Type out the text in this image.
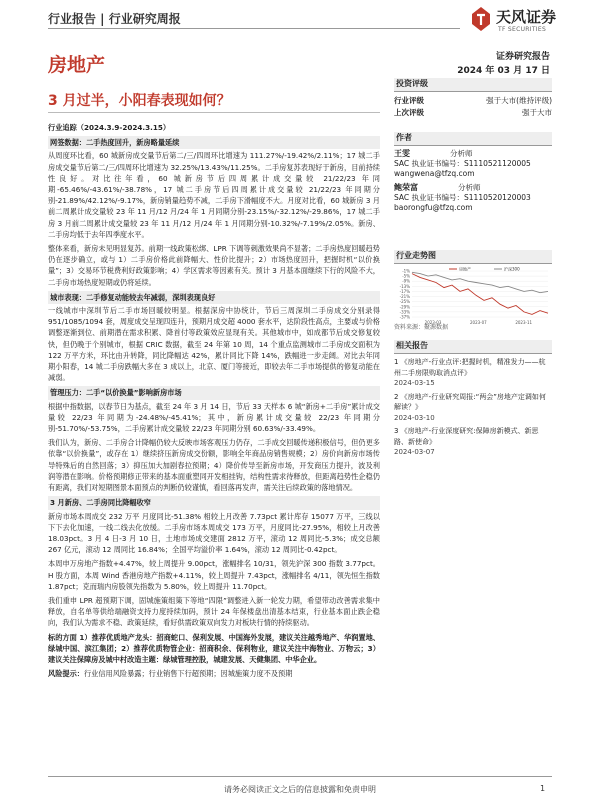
行业报告 | 行业研究周报	天风证券
TF SECURITIES
房地产	证券研究报告
2024 年 03 月 17 日
3 月过半，小阳春表现如何？

行业追踪（2024.3.9-2024.3.15）

网签数据：二手热度回升，新房略量延续

从周度环比看，60 城新房成交量节后第二/三/四周环比增速为 111.27%/-19.42%/2.11%；17 城二手房成交量节后第二/三/四周环比增速为 32.25%/13.43%/11.25%。二手房复苏表现好于新房，目前持续性良好。对比往年看，60 城新房节后四周累计成交量较 21/22/23 年同期-65.46%/-43.61%/-38.78%，17 城二手房节后四周累计成交量较 21/22/23 年同期分别-21.89%/42.12%/-9.17%，新房销量趋势不减，二手房下滑幅度不大。月度对比看，60 城新房 3 月前二周累计成交量较 23 年 11 月/12 月/24 年 1 月同期分别-23.15%/-32.12%/-29.86%，17 城二手房 3 月前二周累计成交量较 23 年 11 月/12 月/24 年 1 月同期分别-10.32%/-7.19%/2.05%。新房、二手房均低于去年四季度水平。

整体来看，新房未见明显复苏。前期一线政策松绑、LPR 下调等刺激效果尚不显著；二手房热度回暖趋势仍在逐步确立，或与 1）二手房价格此前降幅大、性价比提升；2）市场热度回升，把握时机“以价换量”；3）交易环节税费利好政策影响；4）学区需求等因素有关。预计 3 月基本面继续下行的风险不大，二手房市场热度短期或仍将延续。

城市表现：二手修复动能较去年减弱，深圳表现良好

一线城市中深圳节后二手市场回暖较明显。根据深房中协统计，节后三周深圳二手房成交分别录得 951/1085/1094 套，周度成交呈现四连升，预期月成交超 4000 套水平，达阶段性高点，主要或与价格调整逐渐到位、前期潜在需求积累、降首付等政策效应显现有关。其他城市中，如成都节后成交修复较快，但仍晚于个别城市，根据 CRIC 数据，截至 24 年第 10 周，14 个重点监测城市二手房成交面积为 122 万平方米，环比由升转降，同比降幅达 42%，累计同比下降 14%，跌幅进一步走阔。对比去年同期小阳春，14 城二手房跌幅大多在 3 成以上，北京、厦门等接近，即较去年二手市场提供的修复动能在减弱。

管理压力：二手“以价换量”影响新房市场

根据中指数据，以春节日为基点，截至 24 年 3 月 14 日，节后 33 天样本 6 城“新房+二手房”累计成交量较 22/23 年同期为-24.48%/-45.41%；其中，新房累计成交量较 22/23 年同期分别-51.70%/-53.75%，二手房累计成交量较 22/23 年同期分别 60.63%/-33.49%。

我们认为，新房、二手房合计降幅仍较大反映市场客观压力仍存，二手成交回暖传递积极信号，但仍更多依靠“以价换量”，或存在 1）继续挤压新房成交份额，影响全年商品房销售规模；2）房价向新房市场传导特殊后的自然回落；3）抑压加大加剧春拉预期；4）降价传导至新房市场，开发商压力提升，波及利润等潜在影响。价格预期修正带来的基本面重塑同开发相挂钩，结构性需求待释放，但距离趋势性企稳仍有距离，我们对短期图景本面预点的判断仍较谨慎，看回落再发声，需关注后续政策的落地情况。

3 月新房、二手房同比降幅收窄

新房市场本周成交 232 万平 月度同比-51.38% 相较上月改善 7.73pct 累计库存 15077 万平，三线以下下去化加速，一线二线去化放缓。二手房市场本周成交 173 万平，月度同比-27.95%，相较上月改善 18.03pct。3 月 4 日-3 月 10 日，土地市场成交建面 2812 万平，滚动 12 周同比-5.3%；成交总额 267 亿元，滚动 12 周同比 16.84%；全国平均溢价率 1.64%，滚动 12 周同比-0.42pct。

本周申万房地产指数+4.47%，较上周提升 9.00pct，涨幅排名 10/31，领先沪深 300 指数 3.77pct。H 股方面，本周 Wind 香港房地产指数+4.11%，较上周提升 7.43pct，涨幅排名 4/11，领先恒生指数 1.87pct；克而瑞内房股领先指数为 5.80%，较上周提升 11.70pct。

我们重申 LPR 超预期下调，固城施策组策下等地“四限”调整进入新一轮发力期，希望带动改善需求集中释放，自名单等供给端融资支持力度持续加码，预计 24 年保楼盘出清基本结束，行业基本面止跌企稳向，我们认为需求不稳、政策延续，看好供需政策双向发力对板块行情的持续驱动。

标的方面 1）推荐优质地产龙头：招商蛇口、保利发展、中国海外发展，建议关注越秀地产、华润置地、绿城中国、滨江集团；2）推荐优质物管企业：招商积余、保利物业，建议关注中海物业、万物云；3）建议关注保障房及城中村改造主题：绿城管理控股，城建发展、天健集团、中华企业。

风险提示：行业信用风险暴露；行业销售下行超预期；因城施策力度不及预期

投资评级
行业评级	强于大市(维持评级)
上次评级	强于大市
作者
王雯	分析师
SAC 执业证书编号：S1110521120005
wangwena@tfzq.com
鲍荣富	分析师
SAC 执业证书编号：S1110520120003
baorongfu@tfzq.com
行业走势图
-1%
-5%
-9%
-13%
-17%
-21%
-25%
-29%
-33%
-37%
2023-03	2023-07	2023-11
房地产	沪深300
资料来源：聚源数据
相关报告
1 《房地产-行业点评:把握时机，精准发力——杭州二手房限购取消点评》
2024-03-15
2 《房地产-行业研究周报:“两会”房地产定调如何解读？》
2024-03-10
3 《房地产-行业深度研究:保障房新模式、新思路、新使命》
2024-03-07
请务必阅读正文之后的信息披露和免责申明	1
